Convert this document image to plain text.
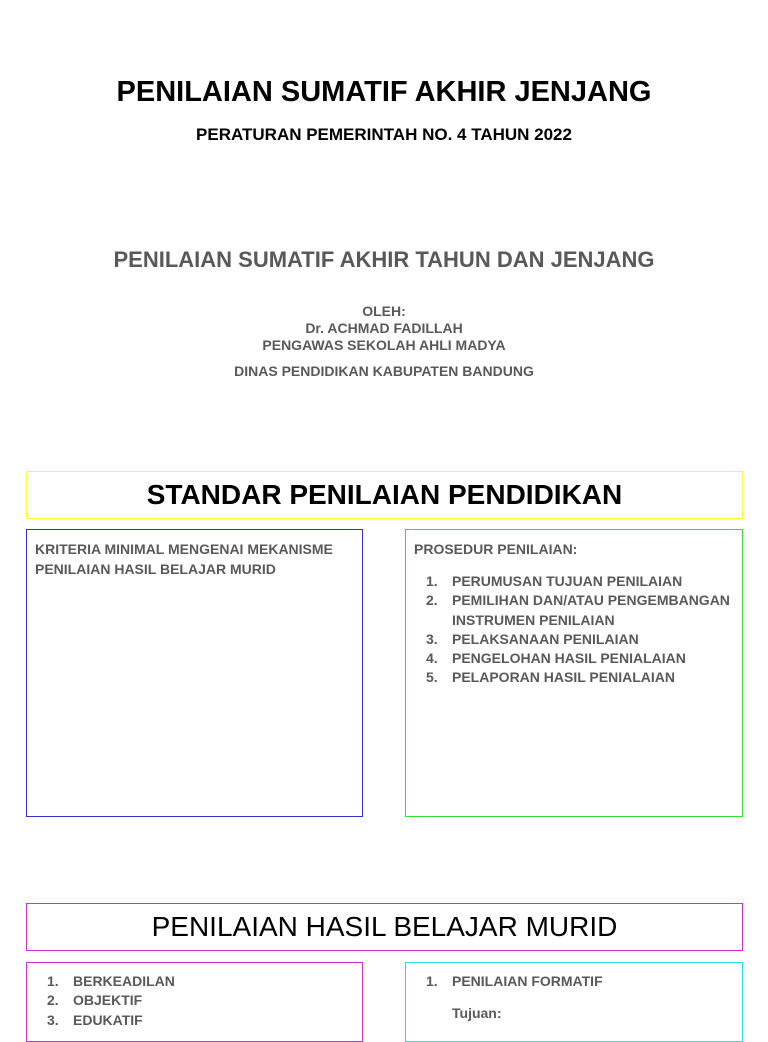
PENILAIAN SUMATIF AKHIR JENJANG
PERATURAN PEMERINTAH NO. 4 TAHUN 2022
PENILAIAN SUMATIF AKHIR TAHUN DAN JENJANG
OLEH:
Dr. ACHMAD FADILLAH
PENGAWAS SEKOLAH AHLI MADYA
DINAS PENDIDIKAN KABUPATEN BANDUNG
STANDAR PENILAIAN PENDIDIKAN
KRITERIA MINIMAL MENGENAI MEKANISME PENILAIAN HASIL BELAJAR MURID
PROSEDUR PENILAIAN:
1. PERUMUSAN TUJUAN PENILAIAN
2. PEMILIHAN DAN/ATAU PENGEMBANGAN INSTRUMEN PENILAIAN
3. PELAKSANAAN PENILAIAN
4. PENGELOHAN HASIL PENIALAIAN
5. PELAPORAN HASIL PENIALAIAN
PENILAIAN HASIL BELAJAR MURID
1. BERKEADILAN
2. OBJEKTIF
3. EDUKATIF
1. PENILAIAN FORMATIF
Tujuan:
